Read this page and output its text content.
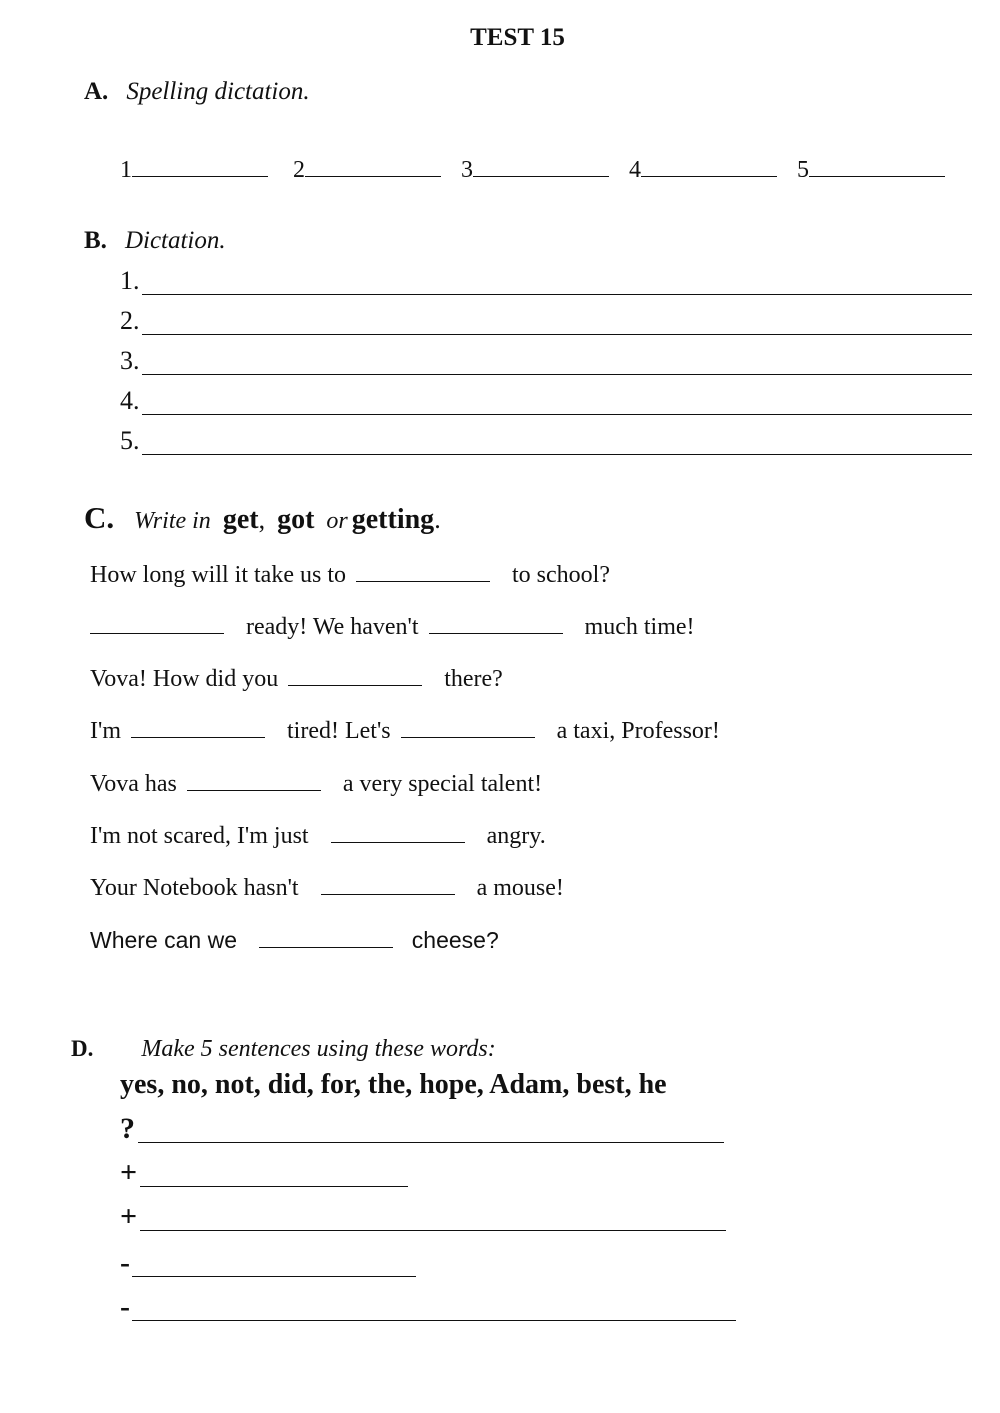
TEST 15
A. Spelling dictation.
1	2	3	4	5
B. Dictation.
1.
2.
3.
4.
5.
C. Write in get, got or getting.
How long will it take us to	to school?
ready! We haven't	much time!
Vova! How did you	there?
I'm	tired! Let's	a taxi, Professor!
Vova has	a very special talent!
I'm not scared, I'm just	angry.
Your Notebook hasn't	a mouse!
Where can we	cheese?
D. Make 5 sentences using these words:
yes, no, not, did, for, the, hope, Adam, best, he
?
+
+
-
-
